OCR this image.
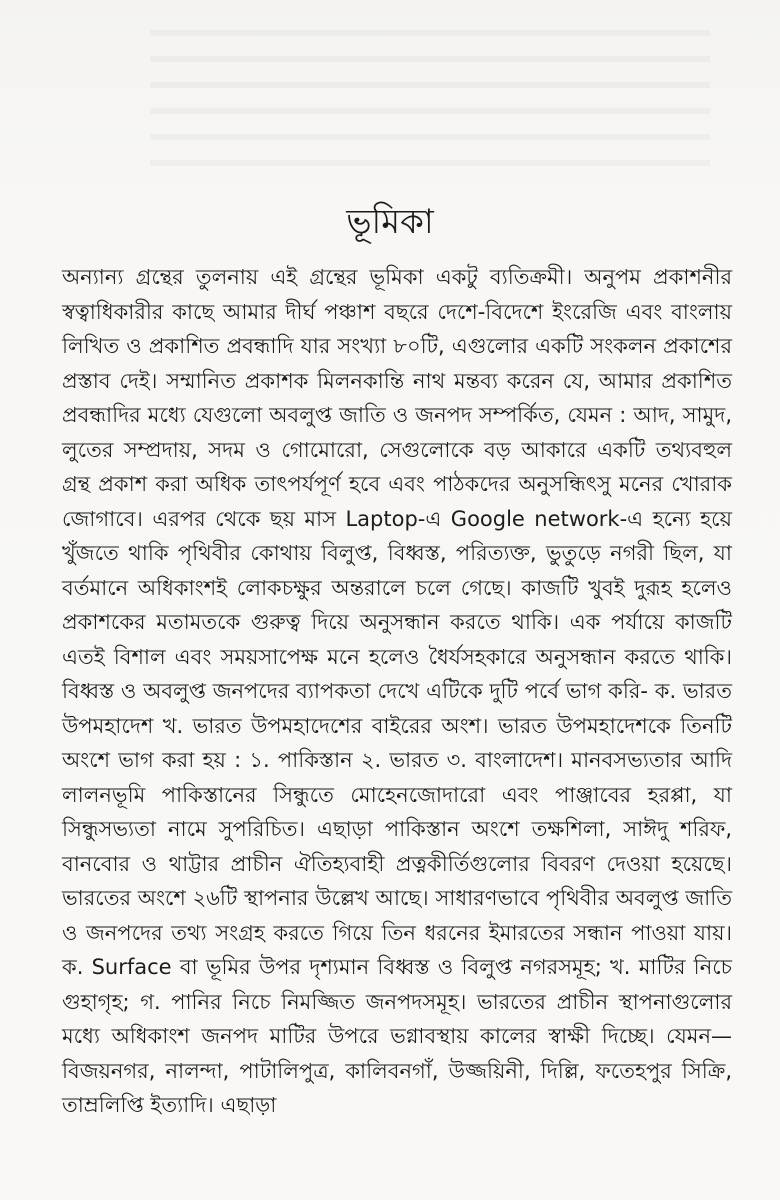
ভূমিকা

অন্যান্য গ্রন্থের তুলনায় এই গ্রন্থের ভূমিকা একটু ব্যতিক্রমী। অনুপম প্রকাশনীর স্বত্বাধিকারীর কাছে আমার দীর্ঘ পঞ্চাশ বছরে দেশে-বিদেশে ইংরেজি এবং বাংলায় লিখিত ও প্রকাশিত প্রবন্ধাদি যার সংখ্যা ৮০টি, এগুলোর একটি সংকলন প্রকাশের প্রস্তাব দেই। সম্মানিত প্রকাশক মিলনকান্তি নাথ মন্তব্য করেন যে, আমার প্রকাশিত প্রবন্ধাদির মধ্যে যেগুলো অবলুপ্ত জাতি ও জনপদ সম্পর্কিত, যেমন : আদ, সামুদ, লুতের সম্প্রদায়, সদম ও গোমোরো, সেগুলোকে বড় আকারে একটি তথ্যবহুল গ্রন্থ প্রকাশ করা অধিক তাৎপর্যপূর্ণ হবে এবং পাঠকদের অনুসন্ধিৎসু মনের খোরাক জোগাবে। এরপর থেকে ছয় মাস Laptop-এ Google network-এ হন্যে হয়ে খুঁজতে থাকি পৃথিবীর কোথায় বিলুপ্ত, বিধ্বস্ত, পরিত্যক্ত, ভুতুড়ে নগরী ছিল, যা বর্তমানে অধিকাংশই লোকচক্ষুর অন্তরালে চলে গেছে। কাজটি খুবই দুরূহ হলেও প্রকাশকের মতামতকে গুরুত্ব দিয়ে অনুসন্ধান করতে থাকি। এক পর্যায়ে কাজটি এতই বিশাল এবং সময়সাপেক্ষ মনে হলেও ধৈর্যসহকারে অনুসন্ধান করতে থাকি। বিধ্বস্ত ও অবলুপ্ত জনপদের ব্যাপকতা দেখে এটিকে দুটি পর্বে ভাগ করি- ক. ভারত উপমহাদেশ খ. ভারত উপমহাদেশের বাইরের অংশ। ভারত উপমহাদেশকে তিনটি অংশে ভাগ করা হয় : ১. পাকিস্তান ২. ভারত ৩. বাংলাদেশ। মানবসভ্যতার আদি লালনভূমি পাকিস্তানের সিন্ধুতে মোহেনজোদারো এবং পাঞ্জাবের হরপ্পা, যা সিন্ধুসভ্যতা নামে সুপরিচিত। এছাড়া পাকিস্তান অংশে তক্ষশিলা, সাঈদু শরিফ, বানবোর ও থাট্টার প্রাচীন ঐতিহ্যবাহী প্রত্নকীর্তিগুলোর বিবরণ দেওয়া হয়েছে। ভারতের অংশে ২৬টি স্থাপনার উল্লেখ আছে। সাধারণভাবে পৃথিবীর অবলুপ্ত জাতি ও জনপদের তথ্য সংগ্রহ করতে গিয়ে তিন ধরনের ইমারতের সন্ধান পাওয়া যায়। ক. Surface বা ভূমির উপর দৃশ্যমান বিধ্বস্ত ও বিলুপ্ত নগরসমূহ; খ. মাটির নিচে গুহাগৃহ; গ. পানির নিচে নিমজ্জিত জনপদসমূহ। ভারতের প্রাচীন স্থাপনাগুলোর মধ্যে অধিকাংশ জনপদ মাটির উপরে ভগ্নাবস্থায় কালের স্বাক্ষী দিচ্ছে। যেমন— বিজয়নগর, নালন্দা, পাটালিপুত্র, কালিবনগাঁ, উজ্জয়িনী, দিল্লি, ফতেহপুর সিক্রি, তাম্রলিপ্তি ইত্যাদি। এছাড়া
